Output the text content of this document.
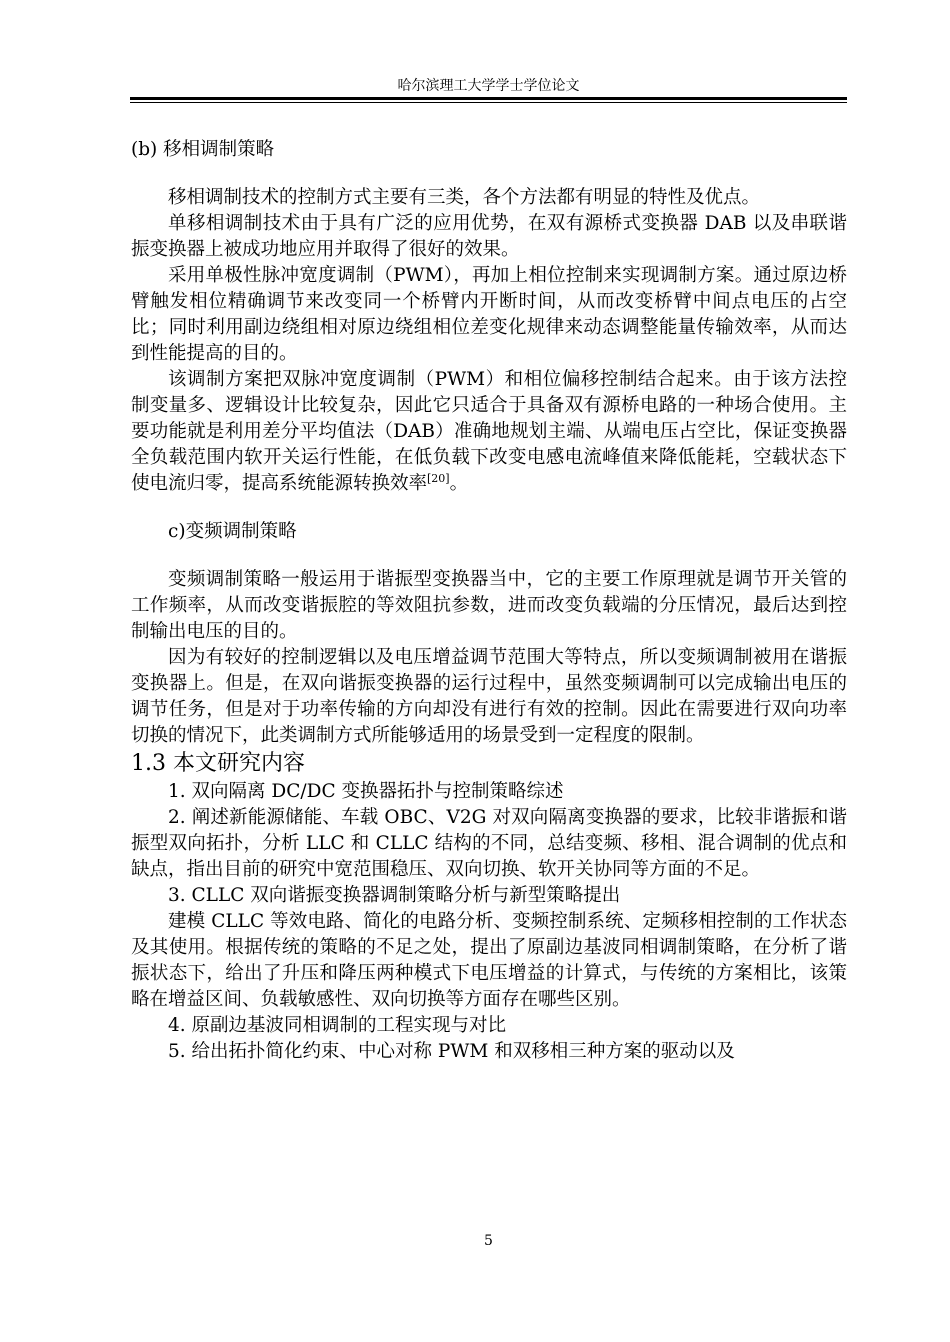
哈尔滨理工大学学士学位论文

(b) 移相调制策略

移相调制技术的控制方式主要有三类，各个方法都有明显的特性及优点。

单移相调制技术由于具有广泛的应用优势，在双有源桥式变换器 DAB 以及串联谐振变换器上被成功地应用并取得了很好的效果。

采用单极性脉冲宽度调制（PWM），再加上相位控制来实现调制方案。通过原边桥臂触发相位精确调节来改变同一个桥臂内开断时间，从而改变桥臂中间点电压的占空比；同时利用副边绕组相对原边绕组相位差变化规律来动态调整能量传输效率，从而达到性能提高的目的。

该调制方案把双脉冲宽度调制（PWM）和相位偏移控制结合起来。由于该方法控制变量多、逻辑设计比较复杂，因此它只适合于具备双有源桥电路的一种场合使用。主要功能就是利用差分平均值法（DAB）准确地规划主端、从端电压占空比，保证变换器全负载范围内软开关运行性能，在低负载下改变电感电流峰值来降低能耗，空载状态下使电流归零，提高系统能源转换效率[20]。

c)变频调制策略

变频调制策略一般运用于谐振型变换器当中，它的主要工作原理就是调节开关管的工作频率，从而改变谐振腔的等效阻抗参数，进而改变负载端的分压情况，最后达到控制输出电压的目的。

因为有较好的控制逻辑以及电压增益调节范围大等特点，所以变频调制被用在谐振变换器上。但是，在双向谐振变换器的运行过程中，虽然变频调制可以完成输出电压的调节任务，但是对于功率传输的方向却没有进行有效的控制。因此在需要进行双向功率切换的情况下，此类调制方式所能够适用的场景受到一定程度的限制。

1.3 本文研究内容

1. 双向隔离 DC/DC 变换器拓扑与控制策略综述

2. 阐述新能源储能、车载 OBC、V2G 对双向隔离变换器的要求，比较非谐振和谐振型双向拓扑，分析 LLC 和 CLLC 结构的不同，总结变频、移相、混合调制的优点和缺点，指出目前的研究中宽范围稳压、双向切换、软开关协同等方面的不足。

3. CLLC 双向谐振变换器调制策略分析与新型策略提出

建模 CLLC 等效电路、简化的电路分析、变频控制系统、定频移相控制的工作状态及其使用。根据传统的策略的不足之处，提出了原副边基波同相调制策略，在分析了谐振状态下，给出了升压和降压两种模式下电压增益的计算式，与传统的方案相比，该策略在增益区间、负载敏感性、双向切换等方面存在哪些区别。

4. 原副边基波同相调制的工程实现与对比

5. 给出拓扑简化约束、中心对称 PWM 和双移相三种方案的驱动以及

5
